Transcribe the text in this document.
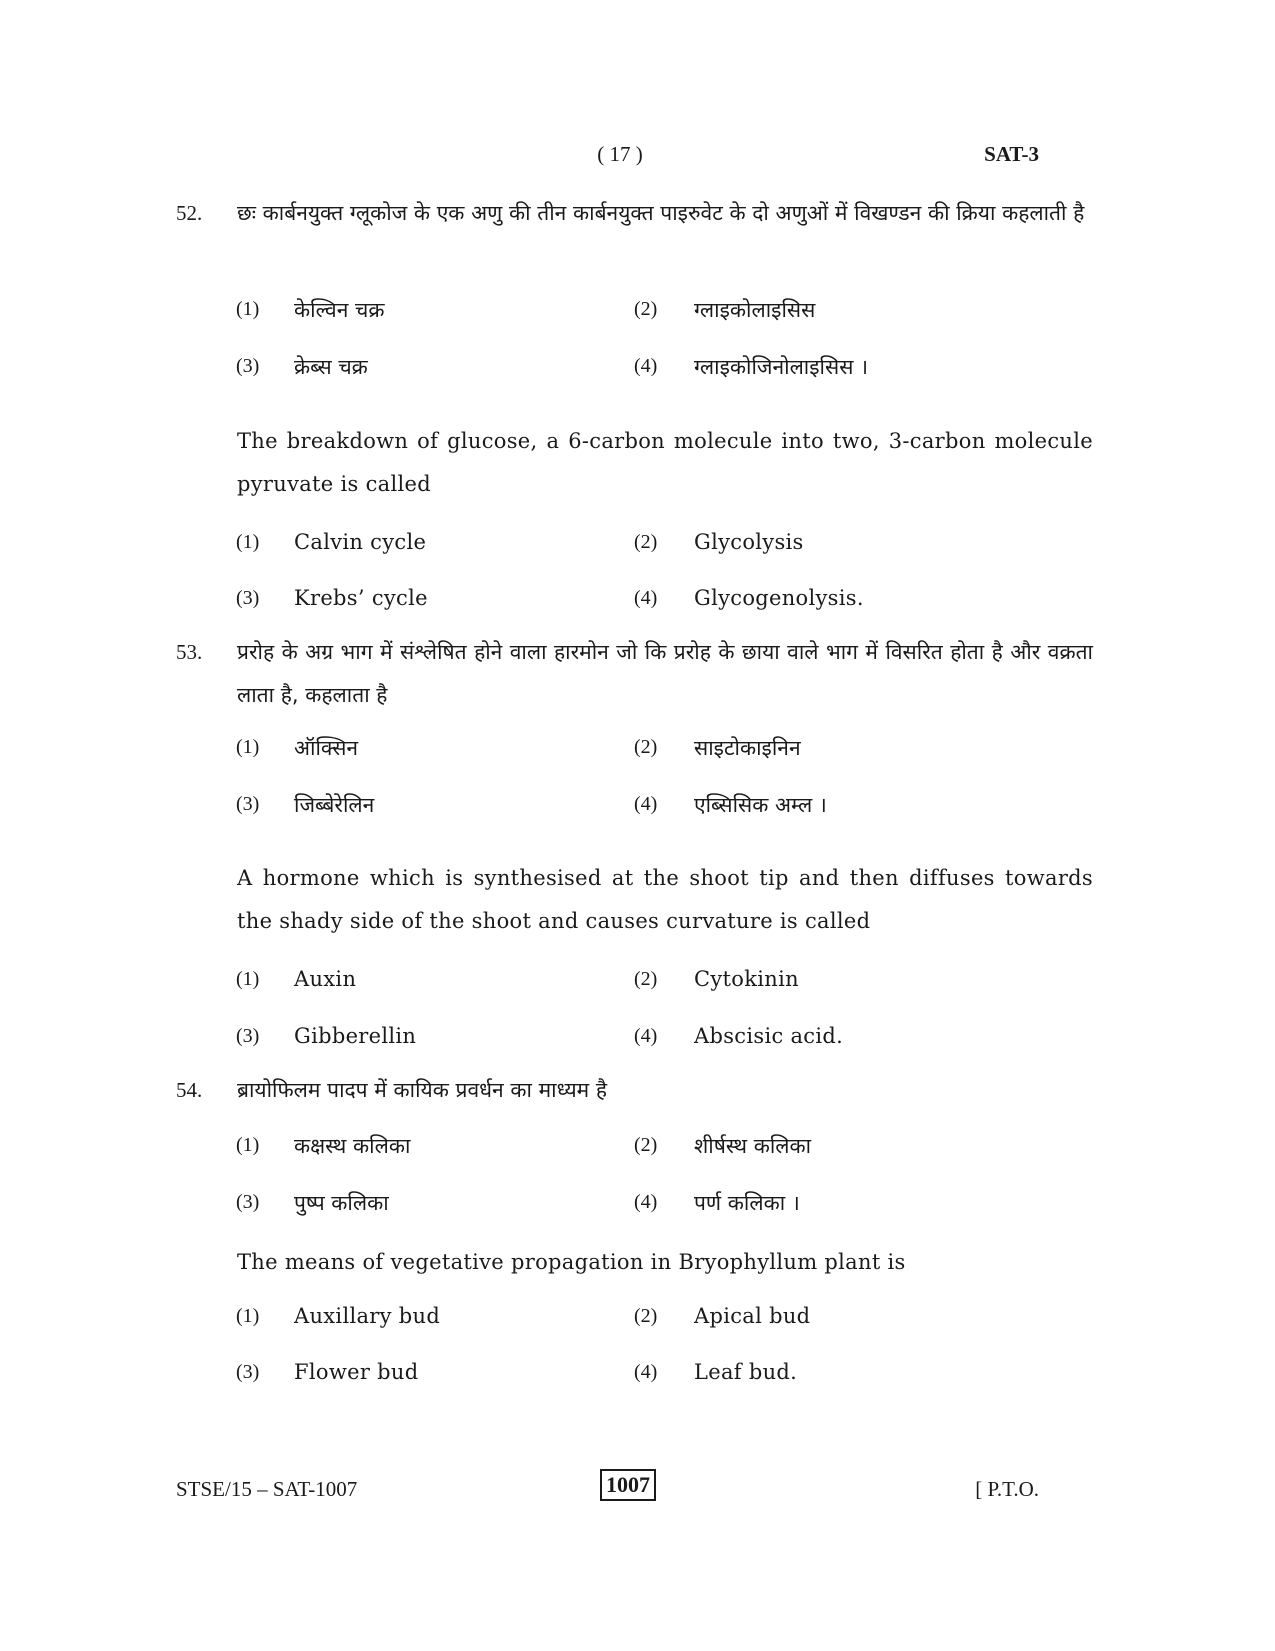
( 17 )	SAT-3
52. छः कार्बनयुक्त ग्लूकोज के एक अणु की तीन कार्बनयुक्त पाइरुवेट के दो अणुओं में विखण्डन की क्रिया कहलाती है
(1) केल्विन चक्र	(2) ग्लाइकोलाइसिस
(3) क्रेब्स चक्र	(4) ग्लाइकोजिनोलाइसिस ।
The breakdown of glucose, a 6-carbon molecule into two, 3-carbon molecule pyruvate is called
(1) Calvin cycle	(2) Glycolysis
(3) Krebs’ cycle	(4) Glycogenolysis.
53. प्ररोह के अग्र भाग में संश्लेषित होने वाला हारमोन जो कि प्ररोह के छाया वाले भाग में विसरित होता है और वक्रता लाता है, कहलाता है
(1) ऑक्सिन	(2) साइटोकाइनिन
(3) जिब्बेरेलिन	(4) एब्सिसिक अम्ल ।
A hormone which is synthesised at the shoot tip and then diffuses towards the shady side of the shoot and causes curvature is called
(1) Auxin	(2) Cytokinin
(3) Gibberellin	(4) Abscisic acid.
54. ब्रायोफिलम पादप में कायिक प्रवर्धन का माध्यम है
(1) कक्षस्थ कलिका	(2) शीर्षस्थ कलिका
(3) पुष्प कलिका	(4) पर्ण कलिका ।
The means of vegetative propagation in Bryophyllum plant is
(1) Auxillary bud	(2) Apical bud
(3) Flower bud	(4) Leaf bud.
STSE/15 – SAT-1007	1007	[ P.T.O.
